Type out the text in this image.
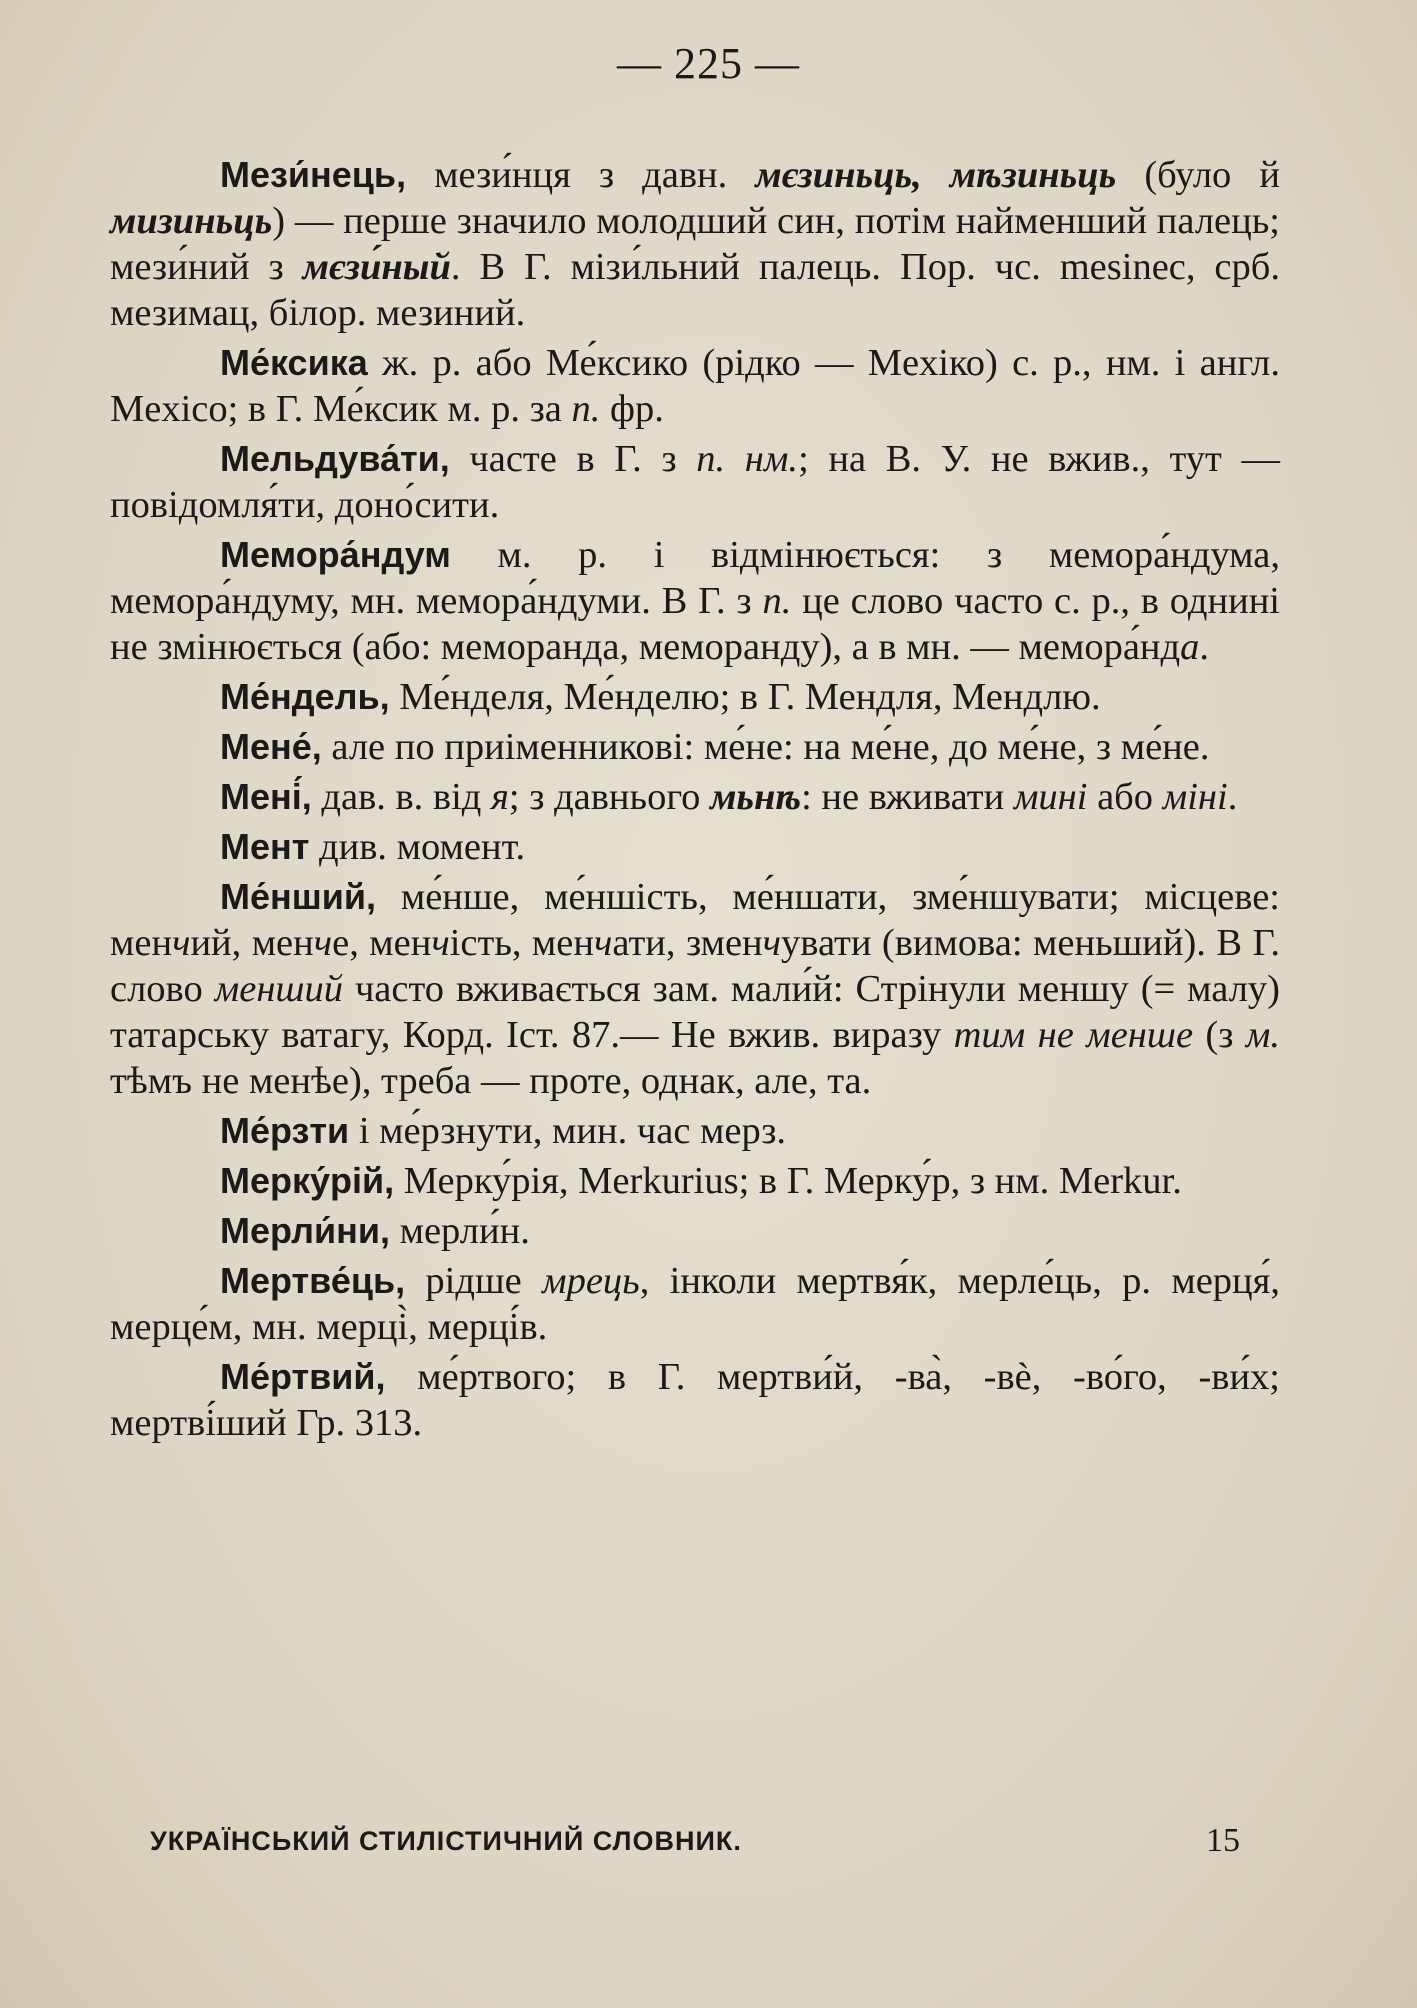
— 225 —

Мези́нець, мези́нця з давн. мєзиньць, мѣзиньць (було й мизиньць) — перше значило молодший син, потім найменший палець; мези́ний з мєзи́ный. В Г. мізи́льний палець. Пор. чс. mesinec, срб. мезимац, білор. мезиний.

Ме́ксика ж. р. або Ме́ксико (рідко — Mexiко) с. р., нм. і англ. Mexico; в Г. Ме́ксик м. р. за п. фр.

Мельдува́ти, часте в Г. з п. нм.; на В. У. не вжив., тут — повідомля́ти, доно́сити.

Мемора́ндум м. р. і відмінюється: з мемора́ндума, мемора́ндуму, мн. мемора́ндуми. В Г. з п. це слово часто с. р., в однині не змінюється (або: меморанда, меморанду), а в мн. — мемора́нда.

Ме́ндель, Ме́нделя, Ме́нделю; в Г. Мендля, Мендлю.

Мене́, але по приіменникові: ме́не: на ме́не, до ме́не, з ме́не.

Мені́, дав. в. від я; з давнього мьнѣ: не вживати мині або міні.

Мент див. момент.

Ме́нший, ме́нше, ме́ншість, ме́ншати, зме́ншувати; місцеве: менчий, менче, менчість, менчати, зменчувати (вимова: меньший). В Г. слово менший часто вживається зам. мали́й: Стрінули меншу (= малу) татарську ватагу, Корд. Іст. 87.— Не вжив. виразу тим не менше (з м. тѣмъ не менѣе), треба — проте, однак, але, та.

Ме́рзти і ме́рзнути, мин. час мерз.

Мерку́рій, Мерку́рія, Merkurius; в Г. Мерку́р, з нм. Merkur.

Мерли́ни, мерли́н.

Мертве́ць, рідше мрець, інколи мертвя́к, мерле́ць, р. мерця́, мерце́м, мн. мерці̀, мерці́в.

Ме́ртвий, ме́ртвого; в Г. мертви́й, -ва̀, -вѐ, -во́го, -ви́х; мертві́ший Гр. 313.

УКРАЇНСЬКИЙ СТИЛІСТИЧНИЙ СЛОВНИК.	15
